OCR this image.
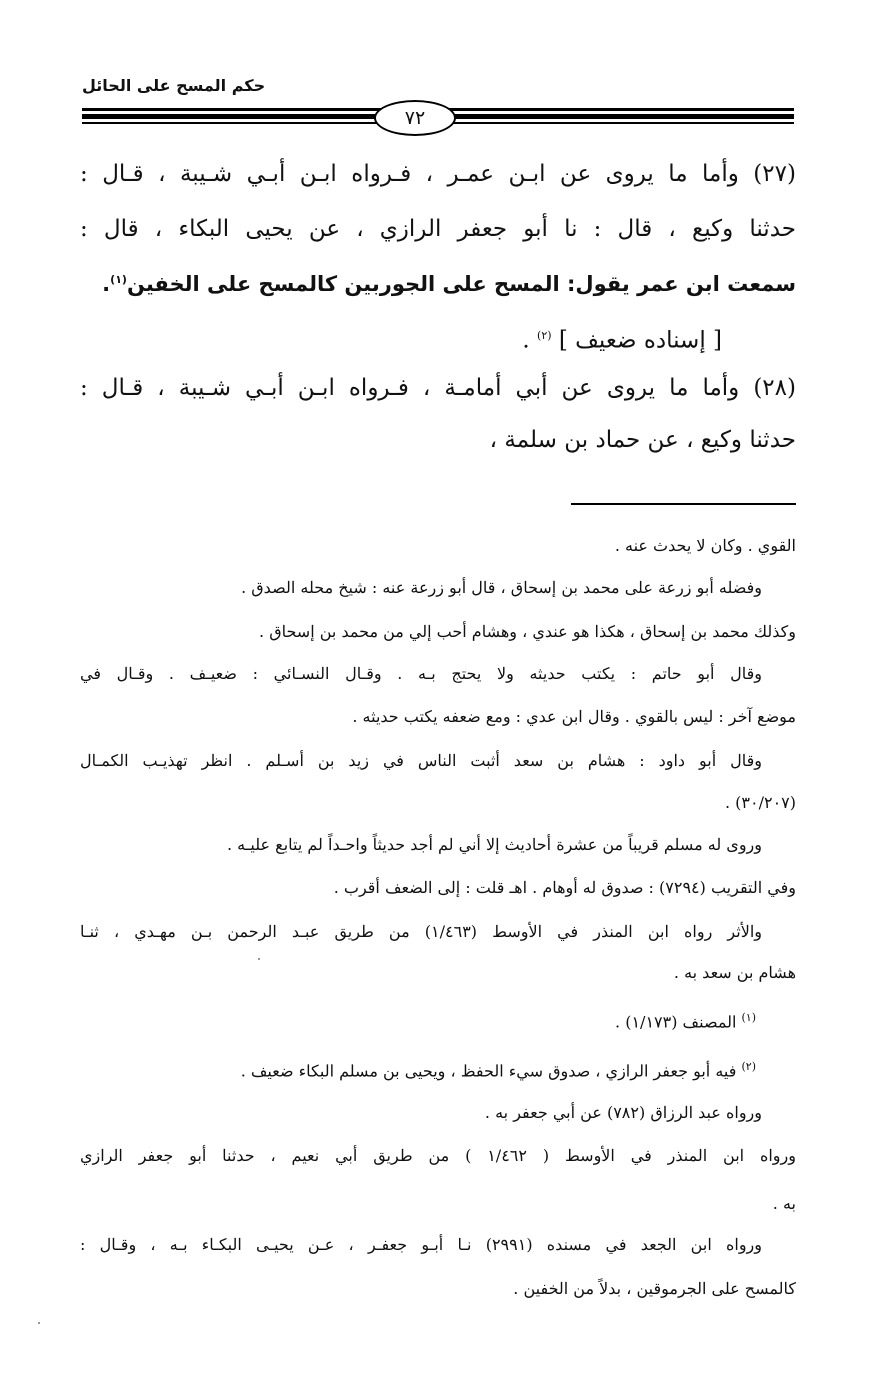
حكم المسح على الحائل
٧٢
(٢٧) وأما ما يروى عن ابـن عمـر ، فـرواه ابـن أبـي شـيبة ، قـال :
حدثنا وكيع ، قال : نا أبو جعفر الرازي ، عن يحيى البكاء ، قال :
سمعت ابن عمر يقول: المسح على الجوربين كالمسح على الخفين$^{(١)}$.
[ إسناده ضعيف ] $^{(٢)}$ .
(٢٨) وأما ما يروى عن أبي أمامـة ، فـرواه ابـن أبـي شـيبة ، قـال :
حدثنا وكيع ، عن حماد بن سلمة ،
القوي . وكان لا يحدث عنه .
وفضله أبو زرعة على محمد بن إسحاق ، قال أبو زرعة عنه : شيخ محله الصدق .
وكذلك محمد بن إسحاق ، هكذا هو عندي ، وهشام أحب إلي من محمد بن إسحاق .
وقال أبو حاتم : يكتب حديثه ولا يحتج بـه . وقـال النسـائي : ضعيـف . وقـال في
موضع آخر : ليس بالقوي . وقال ابن عدي : ومع ضعفه يكتب حديثه .
وقال أبو داود : هشام بن سعد أثبت الناس في زيد بن أسـلم . انظر تهذيـب الكمـال
(٣٠/٢٠٧) .
وروى له مسلم قريباً من عشرة أحاديث إلا أني لم أجد حديثاً واحـداً لم يتابع عليـه .
وفي التقريب (٧٢٩٤) : صدوق له أوهام . اهـ قلت : إلى الضعف أقرب .
والأثر رواه ابن المنذر في الأوسط (١/٤٦٣) من طريق عبـد الرحمن بـن مهـدي ، ثنـا
هشام بن سعد به .
$^{(١)}$ المصنف (١/١٧٣) .
$^{(٢)}$ فيه أبو جعفر الرازي ، صدوق سيء الحفظ ، ويحيى بن مسلم البكاء ضعيف .
ورواه عبد الرزاق (٧٨٢) عن أبي جعفر به .
ورواه ابن المنذر في الأوسط ( ١/٤٦٢ ) من طريق أبي نعيم ، حدثنا أبو جعفر الرازي
به .
ورواه ابن الجعد في مسنده (٢٩٩١) نـا أبـو جعفـر ، عـن يحيـى البكـاء بـه ، وقـال :
كالمسح على الجرموقين ، بدلاً من الخفين .
